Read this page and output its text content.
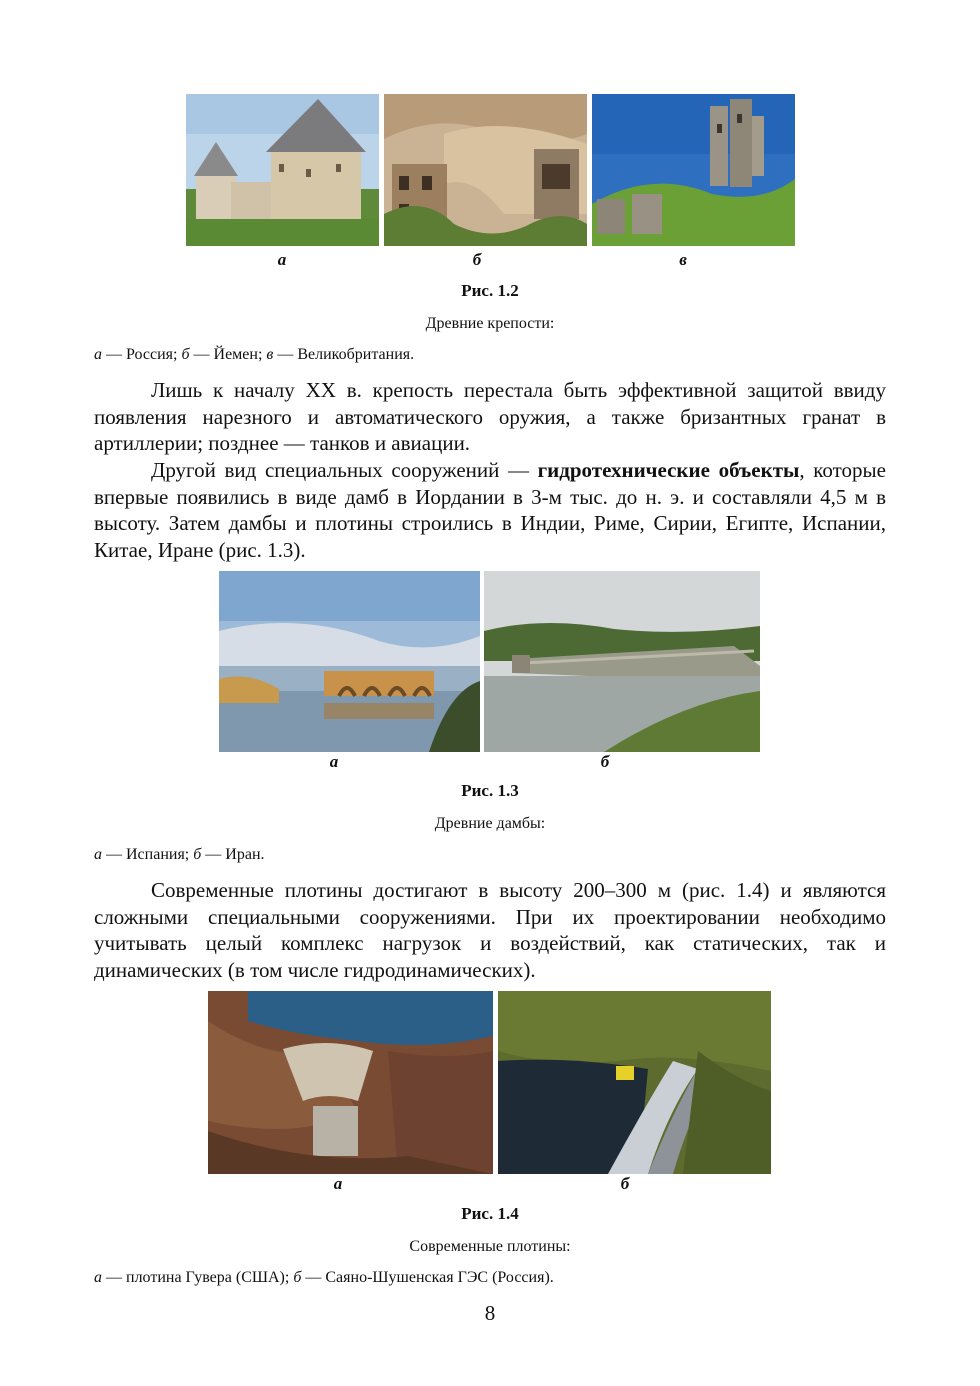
а	б	в
Рис. 1.2
Древние крепости:
а — Россия; б — Йемен; в — Великобритания.
Лишь к началу XX в. крепость перестала быть эффективной защитой ввиду появления нарезного и автоматического оружия, а также бризантных гранат в артиллерии; позднее — танков и авиации.
Другой вид специальных сооружений — гидротехнические объекты, которые впервые появились в виде дамб в Иордании в 3-м тыс. до н. э. и составляли 4,5 м в высоту. Затем дамбы и плотины строились в Индии, Риме, Сирии, Египте, Испании, Китае, Иране (рис. 1.3).
а	б
Рис. 1.3
Древние дамбы:
а — Испания; б — Иран.
Современные плотины достигают в высоту 200–300 м (рис. 1.4) и являются сложными специальными сооружениями. При их проектировании необходимо учитывать целый комплекс нагрузок и воздействий, как статических, так и динамических (в том числе гидродинамических).
а	б
Рис. 1.4
Современные плотины:
а — плотина Гувера (США); б — Саяно-Шушенская ГЭС (Россия).
8
